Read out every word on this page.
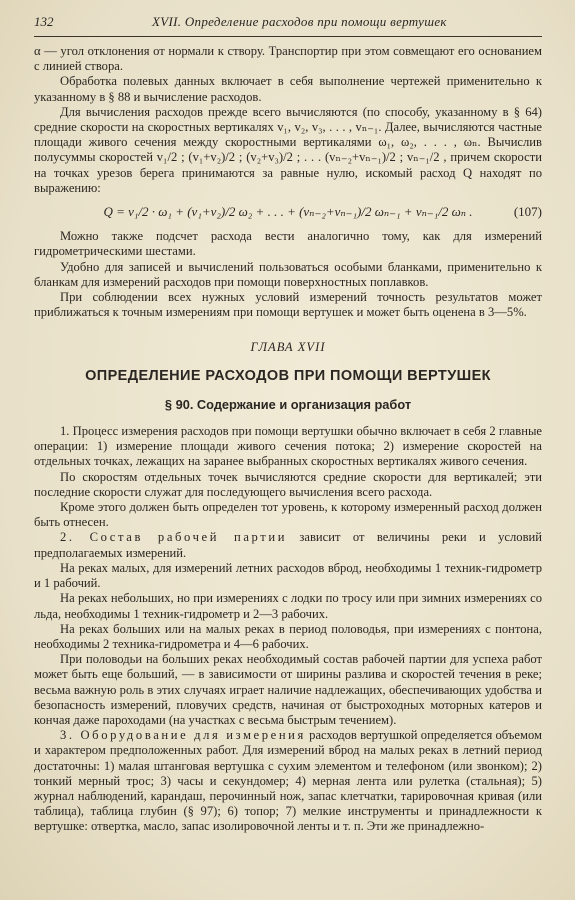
132	XVII. Определение расходов при помощи вертушек

α — угол отклонения от нормали к створу. Транспортир при этом совмещают его основанием с линией створа.

Обработка полевых данных включает в себя выполнение чертежей применительно к указанному в § 88 и вычисление расходов.

Для вычисления расходов прежде всего вычисляются (по способу, указанному в § 64) средние скорости на скоростных вертикалях v₁, v₂, v₃, . . . , vₙ₋₁. Далее, вычисляются частные площади живого сечения между скоростными вертикалями ω₁, ω₂, . . . , ωₙ. Вычислив полусуммы скоростей v₁/2 ; (v₁+v₂)/2 ; (v₂+v₃)/2 ; . . . (vₙ₋₂+vₙ₋₁)/2 ; vₙ₋₁/2 , причем скорости на точках урезов берега принимаются за равные нулю, искомый расход Q находят по выражению:

Q = v₁/2 · ω₁ + (v₁+v₂)/2 ω₂ + . . . + (vₙ₋₂+vₙ₋₁)/2 ωₙ₋₁ + vₙ₋₁/2 ωₙ .	(107)

Можно также подсчет расхода вести аналогично тому, как для измерений гидрометрическими шестами.

Удобно для записей и вычислений пользоваться особыми бланками, применительно к бланкам для измерений расходов при помощи поверхностных поплавков.

При соблюдении всех нужных условий измерений точность результатов может приближаться к точным измерениям при помощи вертушек и может быть оценена в 3—5%.

ГЛАВА XVII
ОПРЕДЕЛЕНИЕ РАСХОДОВ ПРИ ПОМОЩИ ВЕРТУШЕК
§ 90. Содержание и организация работ

1. Процесс измерения расходов при помощи вертушки обычно включает в себя 2 главные операции: 1) измерение площади живого сечения потока; 2) измерение скоростей на отдельных точках, лежащих на заранее выбранных скоростных вертикалях живого сечения.

По скоростям отдельных точек вычисляются средние скорости для вертикалей; эти последние скорости служат для последующего вычисления всего расхода.

Кроме этого должен быть определен тот уровень, к которому измеренный расход должен быть отнесен.

2. Состав рабочей партии зависит от величины реки и условий предполагаемых измерений.

На реках малых, для измерений летних расходов вброд, необходимы 1 техник-гидрометр и 1 рабочий.

На реках небольших, но при измерениях с лодки по тросу или при зимних измерениях со льда, необходимы 1 техник-гидрометр и 2—3 рабочих.

На реках больших или на малых реках в период половодья, при измерениях с понтона, необходимы 2 техника-гидрометра и 4—6 рабочих.

При половодьи на больших реках необходимый состав рабочей партии для успеха работ может быть еще больший, — в зависимости от ширины разлива и скоростей течения в реке; весьма важную роль в этих случаях играет наличие надлежащих, обеспечивающих удобства и безопасность измерений, пловучих средств, начиная от быстроходных моторных катеров и кончая даже пароходами (на участках с весьма быстрым течением).

3. Оборудование для измерения расходов вертушкой определяется объемом и характером предположенных работ. Для измерений вброд на малых реках в летний период достаточны: 1) малая штанговая вертушка с сухим элементом и телефоном (или звонком); 2) тонкий мерный трос; 3) часы и секундомер; 4) мерная лента или рулетка (стальная); 5) журнал наблюдений, карандаш, перочинный нож, запас клетчатки, тарировочная кривая (или таблица), таблица глубин (§ 97); 6) топор; 7) мелкие инструменты и принадлежности к вертушке: отвертка, масло, запас изолировочной ленты и т. п. Эти же принадлежно-
